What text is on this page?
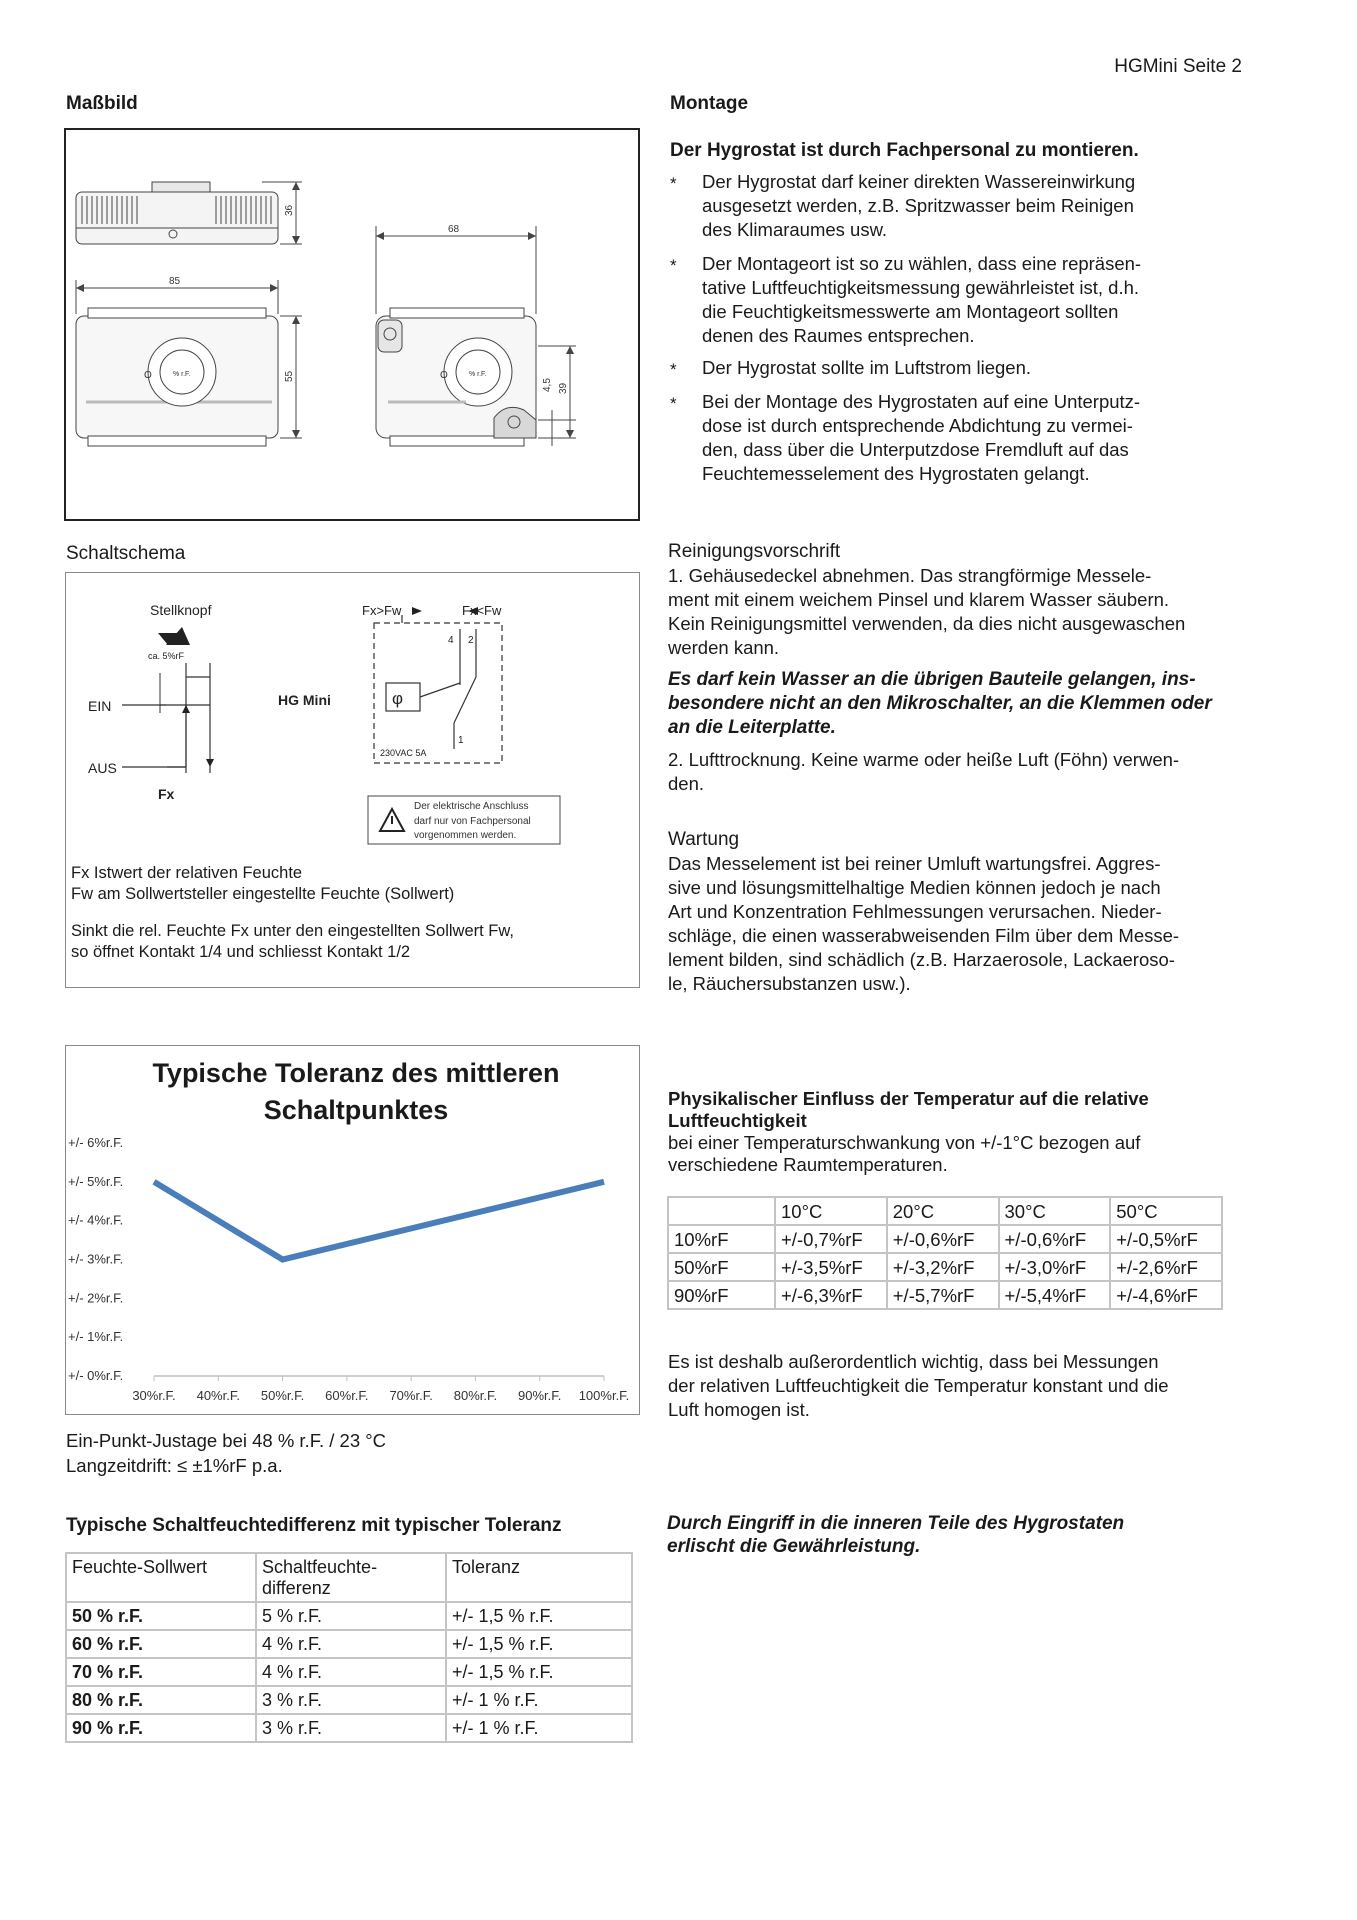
HGMini Seite 2
Maßbild
36
85
55
68
4,5 39
O	% r.F.	O	% r.F.
Montage
Der Hygrostat ist durch Fachpersonal zu montieren.
* Der Hygrostat darf keiner direkten Wassereinwirkung
ausgesetzt werden, z.B. Spritzwasser beim Reinigen
des Klimaraumes usw.
* Der Montageort ist so zu wählen, dass eine repräsen-
tative Luftfeuchtigkeitsmessung gewährleistet ist, d.h.
die Feuchtigkeitsmesswerte am Montageort sollten
denen des Raumes entsprechen.
* Der Hygrostat sollte im Luftstrom liegen.
* Bei der Montage des Hygrostaten auf eine Unterputz-
dose ist durch entsprechende Abdichtung zu vermei-
den, dass über die Unterputzdose Fremdluft auf das
Feuchtemesselement des Hygrostaten gelangt.
Schaltschema
Stellknopf
ca. 5%rF
EIN
AUS
Fx
HG Mini
Fx>Fw	Fx<Fw
4 2
1
φ
230VAC 5A
Der elektrische Anschluss
darf nur von Fachpersonal
vorgenommen werden.
Fx Istwert der relativen Feuchte
Fw am Sollwertsteller eingestellte Feuchte (Sollwert)
Sinkt die rel. Feuchte Fx unter den eingestellten Sollwert Fw,
so öffnet Kontakt 1/4 und schliesst Kontakt 1/2
Reinigungsvorschrift
1. Gehäusedeckel abnehmen. Das strangförmige Messele-
ment mit einem weichem Pinsel und klarem Wasser säubern.
Kein Reinigungsmittel verwenden, da dies nicht ausgewaschen
werden kann.
Es darf kein Wasser an die übrigen Bauteile gelangen, ins-
besondere nicht an den Mikroschalter, an die Klemmen oder
an die Leiterplatte.
2. Lufttrocknung. Keine warme oder heiße Luft (Föhn) verwen-
den.
Wartung
Das Messelement ist bei reiner Umluft wartungsfrei. Aggres-
sive und lösungsmittelhaltige Medien können jedoch je nach
Art und Konzentration Fehlmessungen verursachen. Nieder-
schläge, die einen wasserabweisenden Film über dem Messe-
lement bilden, sind schädlich (z.B. Harzaerosole, Lackaeroso-
le, Räuchersubstanzen usw.).
Typische Toleranz des mittleren
Schaltpunktes
+/- 0%r.F.
+/- 1%r.F.
+/- 2%r.F.
+/- 3%r.F.
+/- 4%r.F.
+/- 5%r.F.
+/- 6%r.F.
30%r.F. 40%r.F. 50%r.F. 60%r.F. 70%r.F. 80%r.F. 90%r.F. 100%r.F.
Ein-Punkt-Justage bei 48 % r.F. / 23 °C
Langzeitdrift: ≤ ±1%rF p.a.
Physikalischer Einfluss der Temperatur auf die relative
Luftfeuchtigkeit
bei einer Temperaturschwankung von +/-1°C bezogen auf
verschiedene Raumtemperaturen.
	10°C	20°C	30°C	50°C
10%rF	+/-0,7%rF	+/-0,6%rF	+/-0,6%rF	+/-0,5%rF
50%rF	+/-3,5%rF	+/-3,2%rF	+/-3,0%rF	+/-2,6%rF
90%rF	+/-6,3%rF	+/-5,7%rF	+/-5,4%rF	+/-4,6%rF
Es ist deshalb außerordentlich wichtig, dass bei Messungen
der relativen Luftfeuchtigkeit die Temperatur konstant und die
Luft homogen ist.
Typische Schaltfeuchtedifferenz mit typischer Toleranz
Feuchte-Sollwert	Schaltfeuchte-
differenz	Toleranz
50 % r.F.	5 % r.F.	+/- 1,5 % r.F.
60 % r.F.	4 % r.F.	+/- 1,5 % r.F.
70 % r.F.	4 % r.F.	+/- 1,5 % r.F.
80 % r.F.	3 % r.F.	+/- 1 % r.F.
90 % r.F.	3 % r.F.	+/- 1 % r.F.
Durch Eingriff in die inneren Teile des Hygrostaten
erlischt die Gewährleistung.
